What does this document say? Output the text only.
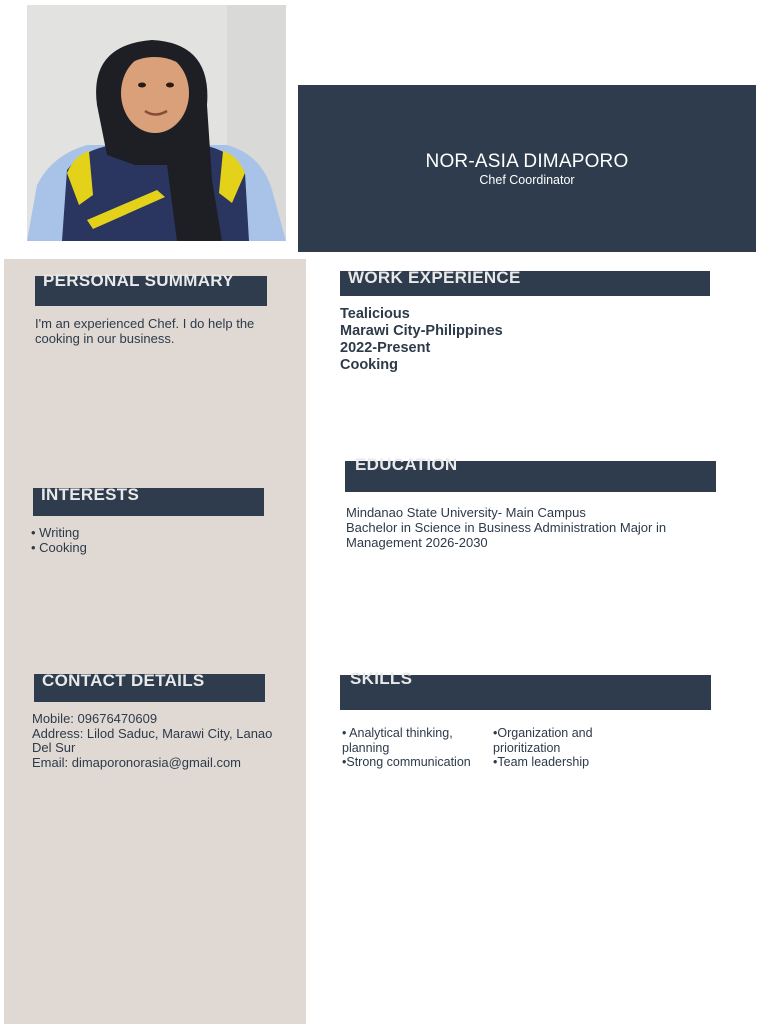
NOR-ASIA DIMAPORO
Chef Coordinator
PERSONAL SUMMARY
I'm an experienced Chef. I do help the cooking in our business.
INTERESTS
• Writing
• Cooking
CONTACT DETAILS
Mobile: 09676470609
Address: Lilod Saduc, Marawi City, Lanao Del Sur
Email: dimaporonorasia@gmail.com
WORK EXPERIENCE
Tealicious
Marawi City-Philippines
2022-Present
Cooking
EDUCATION
Mindanao State University- Main Campus
Bachelor in Science in Business Administration Major in Management 2026-2030
SKILLS
• Analytical thinking, planning
•Strong communication
•Organization and prioritization
•Team leadership
